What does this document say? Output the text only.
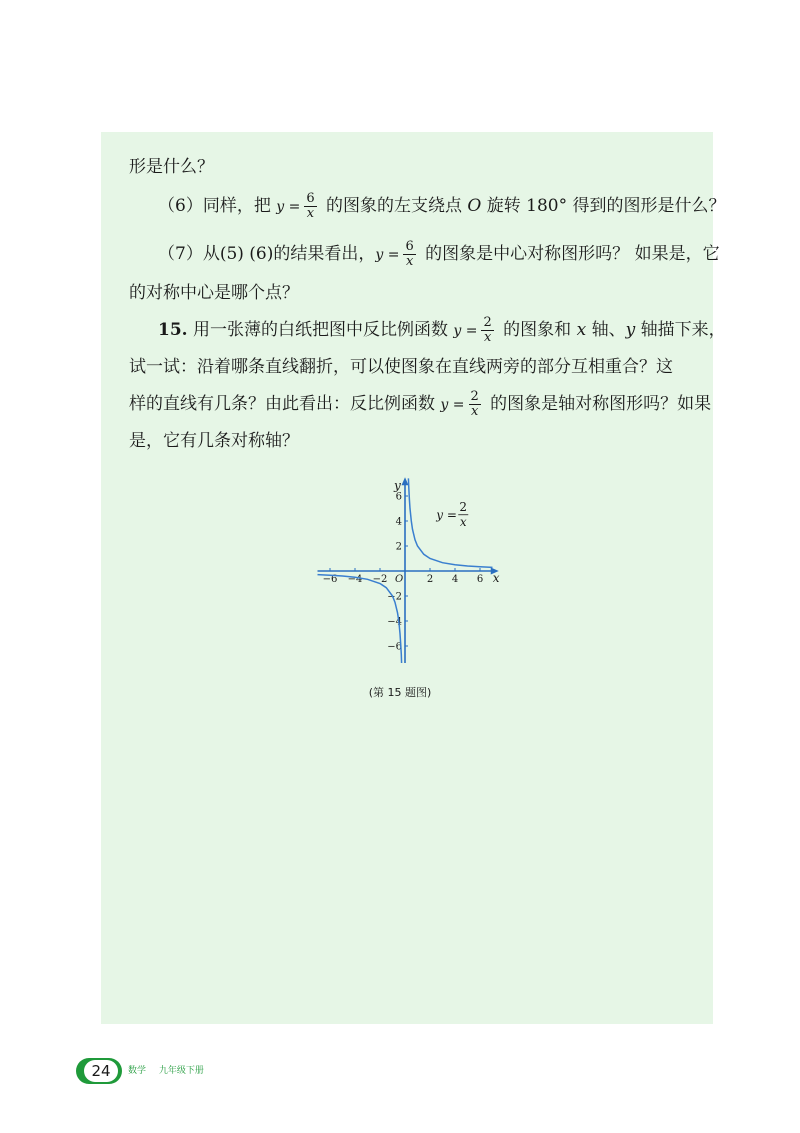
形是什么？
（6）同样，把 $y = \frac{6}{x}$ 的图象的左支绕点 O 旋转 180° 得到的图形是什么？
（7）从(5) (6)的结果看出，$y = \frac{6}{x}$ 的图象是中心对称图形吗？ 如果是，它
的对称中心是哪个点？
15. 用一张薄的白纸把图中反比例函数 $y = \frac{2}{x}$ 的图象和 x 轴、y 轴描下来，
试一试：沿着哪条直线翻折，可以使图象在直线两旁的部分互相重合？这
样的直线有几条？由此看出：反比例函数 $y = \frac{2}{x}$ 的图象是轴对称图形吗？如果
是，它有几条对称轴？
−6 −4 −2	2 4 6
−6
−4
−2
2
4
6
x
y
O
y =
2
x
(第 15 题图)
24	数学 九年级下册
